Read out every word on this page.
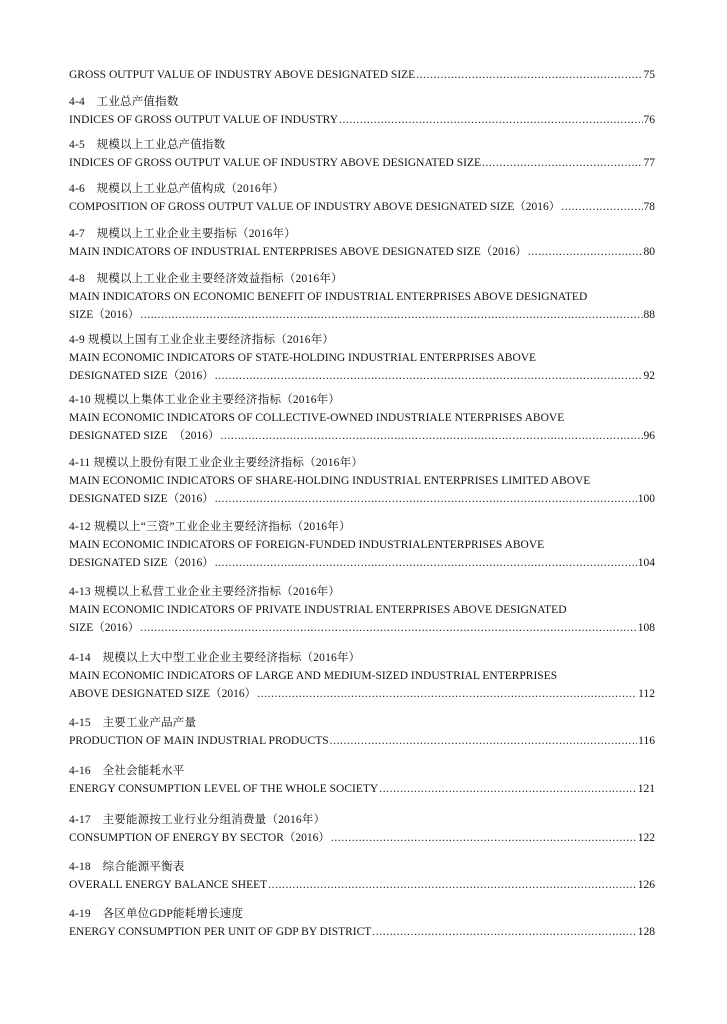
GROSS OUTPUT VALUE OF INDUSTRY ABOVE DESIGNATED SIZE .....	75
4-4　工业总产值指数
INDICES OF GROSS OUTPUT VALUE OF INDUSTRY .....	76
4-5　规模以上工业总产值指数
INDICES OF GROSS OUTPUT VALUE OF INDUSTRY ABOVE DESIGNATED SIZE .....	77
4-6　规模以上工业总产值构成（2016年）
COMPOSITION OF GROSS OUTPUT VALUE OF INDUSTRY ABOVE DESIGNATED SIZE（2016） .....	78
4-7　规模以上工业企业主要指标（2016年）
MAIN INDICATORS OF INDUSTRIAL ENTERPRISES ABOVE DESIGNATED SIZE（2016） .....	80
4-8　规模以上工业企业主要经济效益指标（2016年）
MAIN INDICATORS ON ECONOMIC BENEFIT OF INDUSTRIAL ENTERPRISES ABOVE DESIGNATED
SIZE（2016） .....	88
4-9 规模以上国有工业企业主要经济指标（2016年）
MAIN ECONOMIC INDICATORS OF STATE-HOLDING INDUSTRIAL ENTERPRISES ABOVE
DESIGNATED SIZE（2016） .....	92
4-10 规模以上集体工业企业主要经济指标（2016年）
MAIN ECONOMIC INDICATORS OF COLLECTIVE-OWNED INDUSTRIALE NTERPRISES ABOVE
DESIGNATED SIZE　（2016） .....	96
4-11 规模以上股份有限工业企业主要经济指标（2016年）
MAIN ECONOMIC INDICATORS OF SHARE-HOLDING INDUSTRIAL ENTERPRISES LIMITED ABOVE
DESIGNATED SIZE（2016） .....	100
4-12 规模以上“三资”工业企业主要经济指标（2016年）
MAIN ECONOMIC INDICATORS OF FOREIGN-FUNDED INDUSTRIALENTERPRISES ABOVE
DESIGNATED SIZE（2016） .....	104
4-13 规模以上私营工业企业主要经济指标（2016年）
MAIN ECONOMIC INDICATORS OF PRIVATE INDUSTRIAL ENTERPRISES ABOVE DESIGNATED
SIZE（2016） .....	108
4-14　规模以上大中型工业企业主要经济指标（2016年）
MAIN ECONOMIC INDICATORS OF LARGE AND MEDIUM-SIZED INDUSTRIAL ENTERPRISES
ABOVE DESIGNATED SIZE（2016） .....	112
4-15　主要工业产品产量
PRODUCTION OF MAIN INDUSTRIAL PRODUCTS .....	116
4-16　全社会能耗水平
ENERGY CONSUMPTION LEVEL OF THE WHOLE SOCIETY .....	121
4-17　主要能源按工业行业分组消费量（2016年）
CONSUMPTION OF ENERGY BY SECTOR（2016） .....	122
4-18　综合能源平衡表
OVERALL ENERGY BALANCE SHEET .....	126
4-19　各区单位GDP能耗增长速度
ENERGY CONSUMPTION PER UNIT OF GDP BY DISTRICT .....	128
